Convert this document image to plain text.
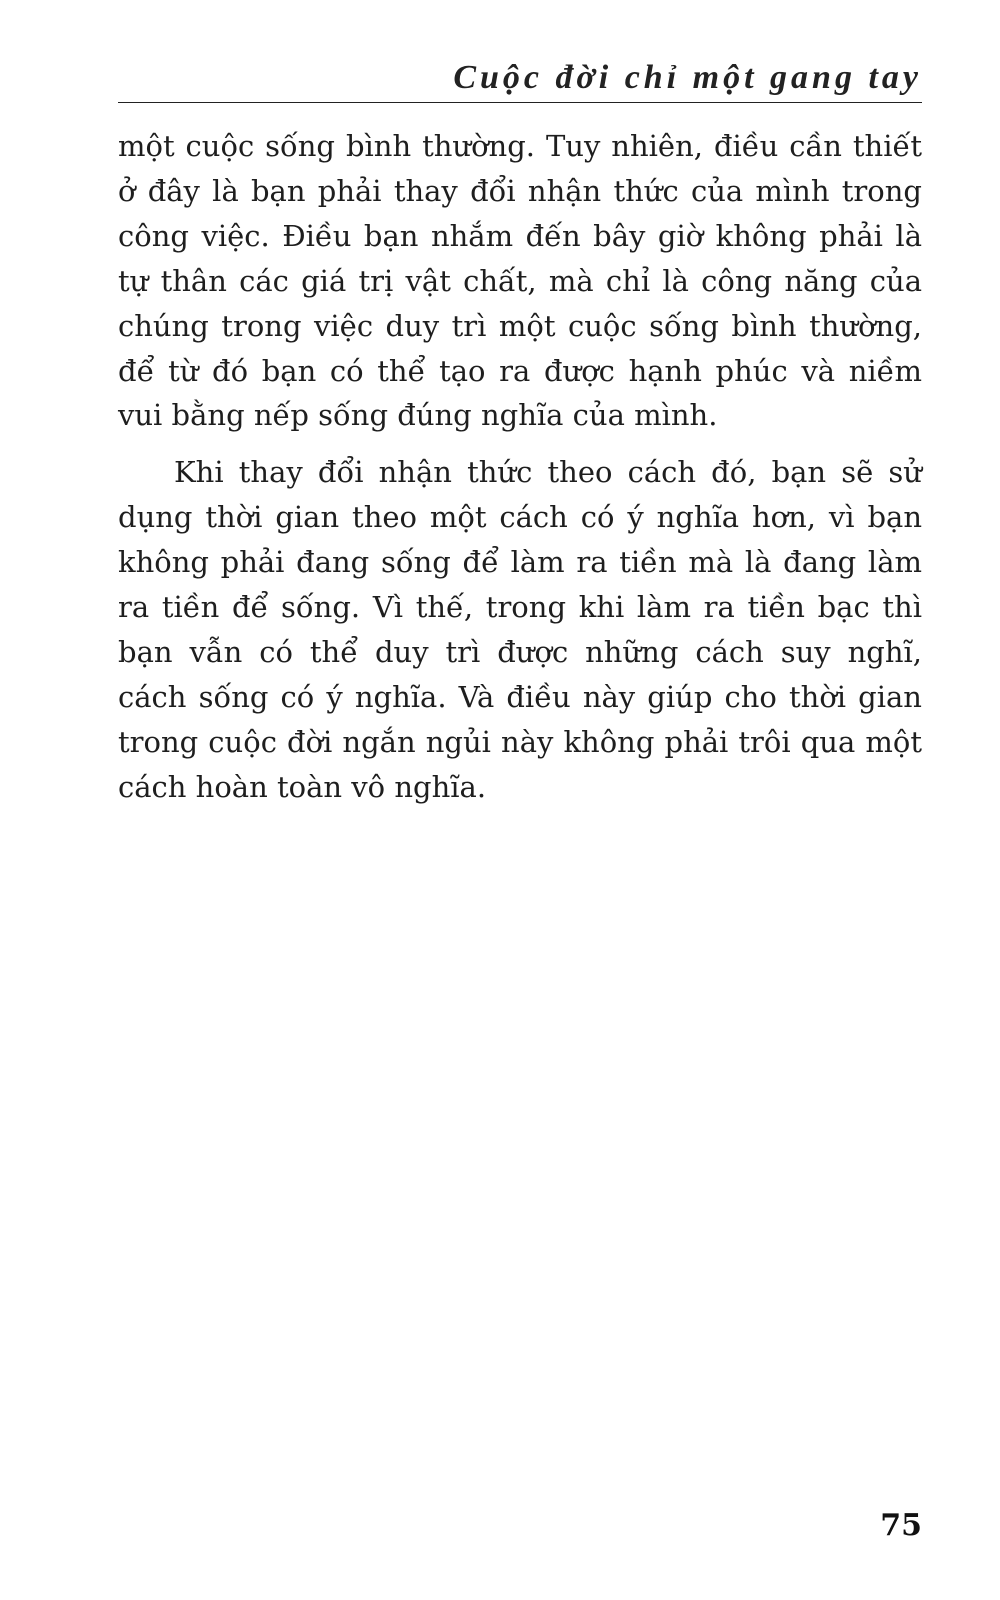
Cuộc đời chỉ một gang tay

một cuộc sống bình thường. Tuy nhiên, điều cần thiết ở đây là bạn phải thay đổi nhận thức của mình trong công việc. Điều bạn nhắm đến bây giờ không phải là tự thân các giá trị vật chất, mà chỉ là công năng của chúng trong việc duy trì một cuộc sống bình thường, để từ đó bạn có thể tạo ra được hạnh phúc và niềm vui bằng nếp sống đúng nghĩa của mình.

Khi thay đổi nhận thức theo cách đó, bạn sẽ sử dụng thời gian theo một cách có ý nghĩa hơn, vì bạn không phải đang sống để làm ra tiền mà là đang làm ra tiền để sống. Vì thế, trong khi làm ra tiền bạc thì bạn vẫn có thể duy trì được những cách suy nghĩ, cách sống có ý nghĩa. Và điều này giúp cho thời gian trong cuộc đời ngắn ngủi này không phải trôi qua một cách hoàn toàn vô nghĩa.

75
